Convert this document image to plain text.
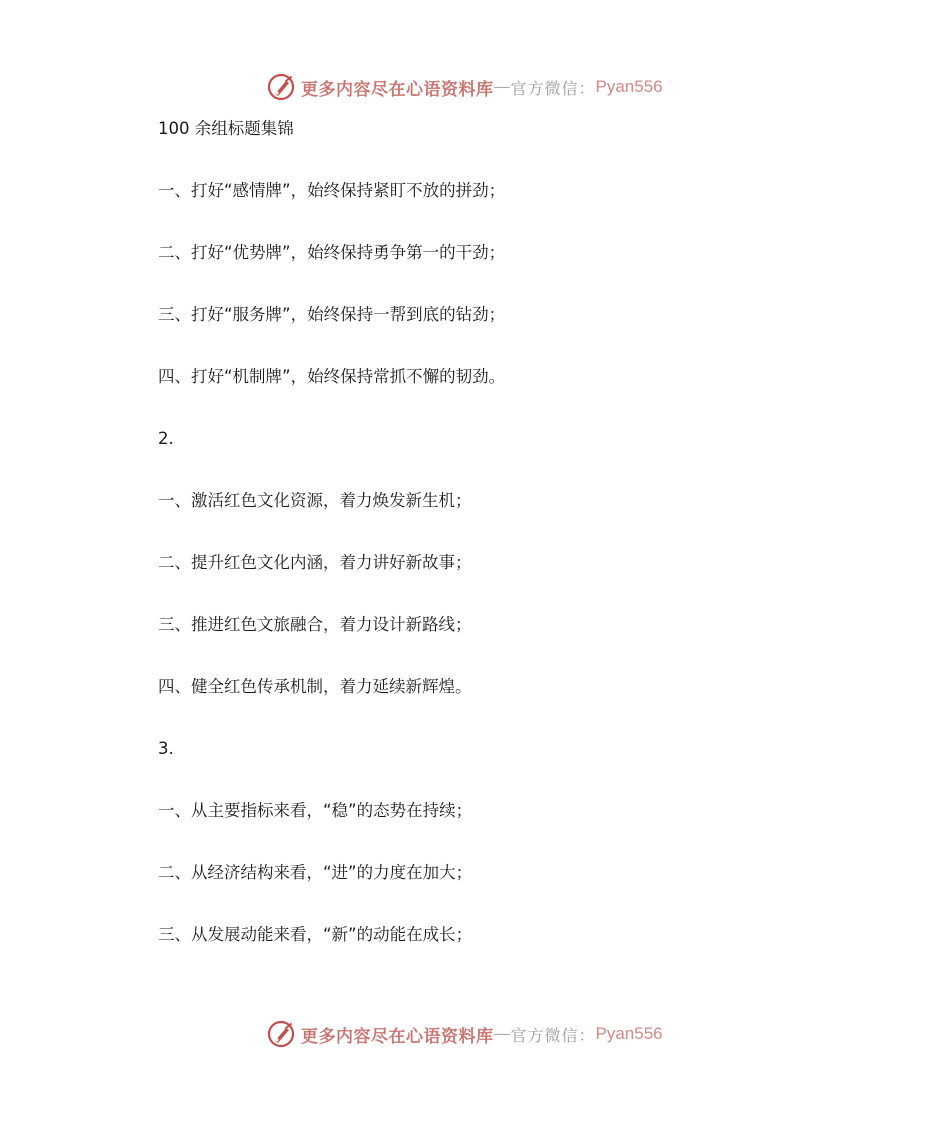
更多内容尽在心语资料库 — 官方微信： Pyan556
100 余组标题集锦
一、打好“感情牌”，始终保持紧盯不放的拼劲；
二、打好“优势牌”，始终保持勇争第一的干劲；
三、打好“服务牌”，始终保持一帮到底的钻劲；
四、打好“机制牌”，始终保持常抓不懈的韧劲。
2.
一、激活红色文化资源，着力焕发新生机；
二、提升红色文化内涵，着力讲好新故事；
三、推进红色文旅融合，着力设计新路线；
四、健全红色传承机制，着力延续新辉煌。
3.
一、从主要指标来看，“稳”的态势在持续；
二、从经济结构来看，“进”的力度在加大；
三、从发展动能来看，“新”的动能在成长；
更多内容尽在心语资料库 — 官方微信： Pyan556
